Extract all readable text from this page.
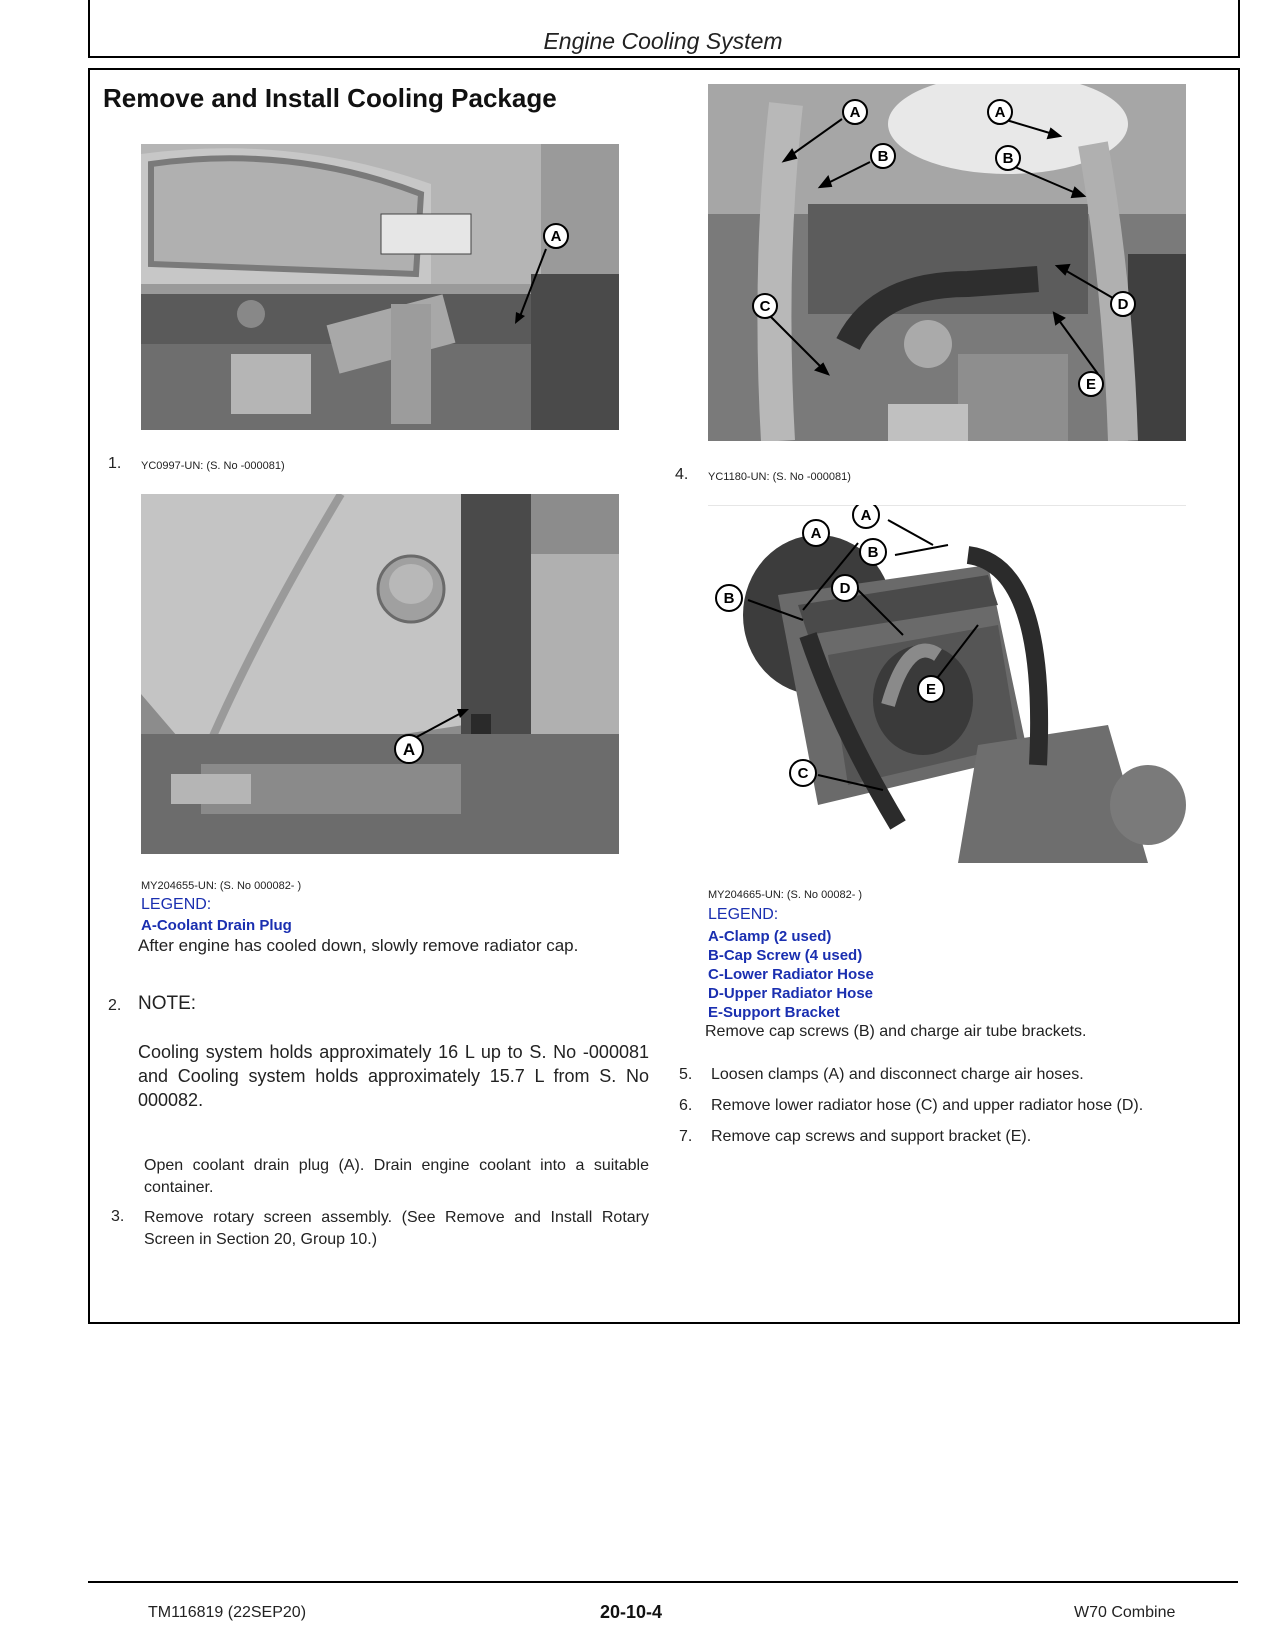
Engine Cooling System
Remove and Install Cooling Package
A
1. YC0997-UN: (S. No -000081)
A
MY204655-UN: (S. No 000082- )
LEGEND:
A-Coolant Drain Plug
After engine has cooled down, slowly remove radiator cap.
2. NOTE:
Cooling system holds approximately 16 L up to S. No -000081 and Cooling system holds approximately 15.7 L from S. No 000082.
Open coolant drain plug (A). Drain engine coolant into a suitable container.
3. Remove rotary screen assembly. (See Remove and Install Rotary Screen in Section 20, Group 10.)
A	A
B	B
C	D
E
4. YC1180-UN: (S. No -000081)
A
A
B
B
D
E
C
MY204665-UN: (S. No 00082- )
LEGEND:
A-Clamp (2 used)
B-Cap Screw (4 used)
C-Lower Radiator Hose
D-Upper Radiator Hose
E-Support Bracket
Remove cap screws (B) and charge air tube brackets.
5. Loosen clamps (A) and disconnect charge air hoses.
6. Remove lower radiator hose (C) and upper radiator hose (D).
7. Remove cap screws and support bracket (E).
TM116819 (22SEP20)	20-10-4	W70 Combine
